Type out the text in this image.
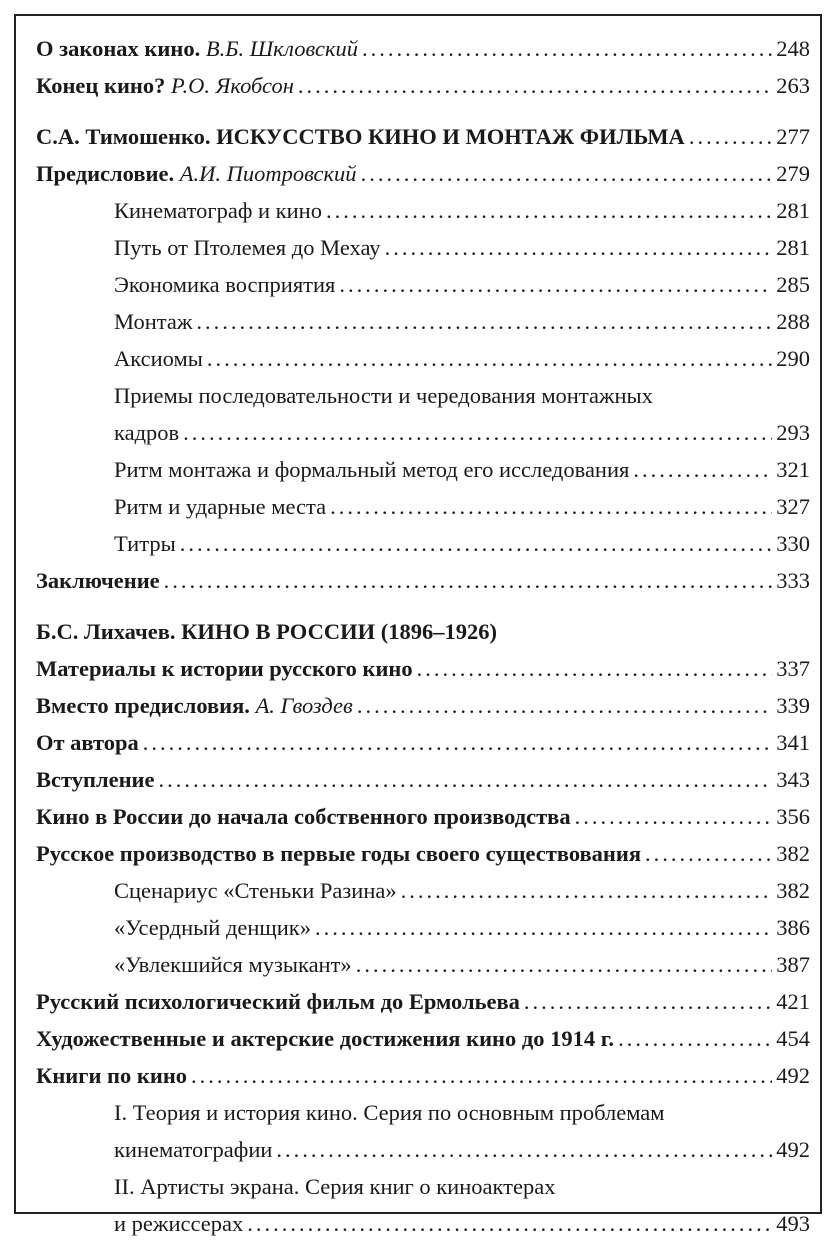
О законах кино. В.Б. Шкловский .....	248
Конец кино? Р.О. Якобсон .....	263
С.А. Тимошенко. ИСКУССТВО КИНО И МОНТАЖ ФИЛЬМА .....	277
Предисловие. А.И. Пиотровский .....	279
Кинематограф и кино .....	281
Путь от Птолемея до Мехау .....	281
Экономика восприятия .....	285
Монтаж .....	288
Аксиомы .....	290
Приемы последовательности и чередования монтажных
кадров .....	293
Ритм монтажа и формальный метод его исследования .....	321
Ритм и ударные места .....	327
Титры .....	330
Заключение .....	333
Б.С. Лихачев. КИНО В РОССИИ (1896–1926)
Материалы к истории русского кино .....	337
Вместо предисловия. А. Гвоздев .....	339
От автора .....	341
Вступление .....	343
Кино в России до начала собственного производства .....	356
Русское производство в первые годы своего существования .....	382
Сценариус «Стеньки Разина» .....	382
«Усердный денщик» .....	386
«Увлекшийся музыкант» .....	387
Русский психологический фильм до Ермольева .....	421
Художественные и актерские достижения кино до 1914 г. .....	454
Книги по кино .....	492
I. Теория и история кино. Серия по основным проблемам
кинематографии .....	492
II. Артисты экрана. Серия книг о киноактерах
и режиссерах .....	493
